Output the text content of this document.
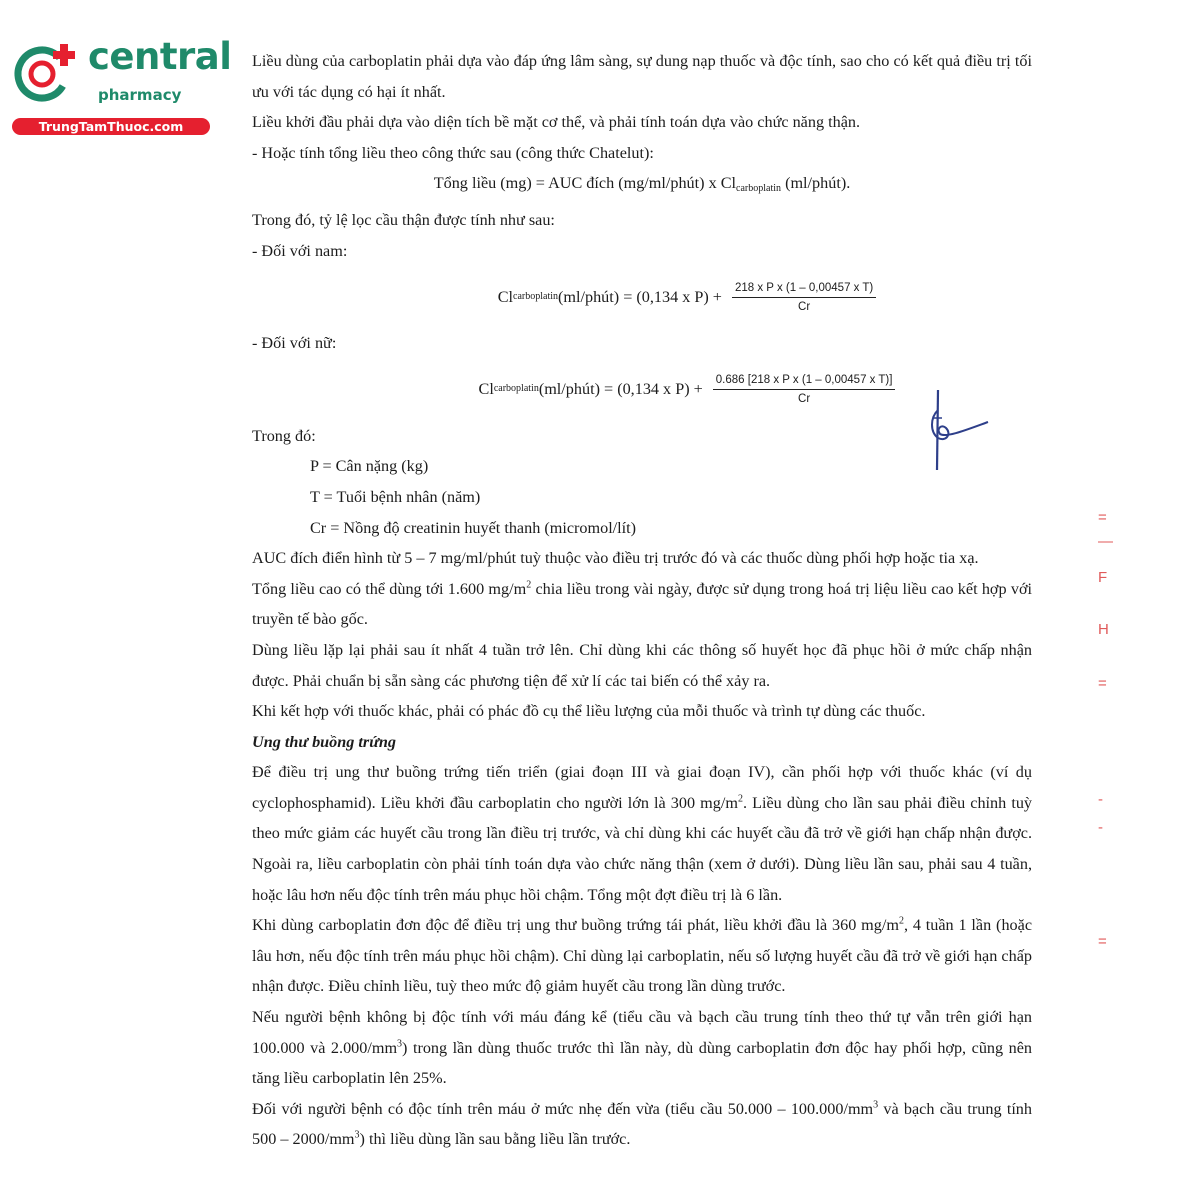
central
pharmacy
TrungTamThuoc.com

Liều dùng của carboplatin phải dựa vào đáp ứng lâm sàng, sự dung nạp thuốc và độc tính, sao cho có kết quả điều trị tối ưu với tác dụng có hại ít nhất.

Liều khởi đầu phải dựa vào diện tích bề mặt cơ thể, và phải tính toán dựa vào chức năng thận.

- Hoặc tính tổng liều theo công thức sau (công thức Chatelut):

Tổng liều (mg) = AUC đích (mg/ml/phút) x $Cl_{carboplatin}$ (ml/phút).

Trong đó, tỷ lệ lọc cầu thận được tính như sau:

- Đối với nam:

Cl carboplatin (ml/phút) = (0,134 x $P) + \frac{\text{218 x P x (1 – 0,00457 x T)}}{Cr}$

- Đối với nữ:

Cl carboplatin (ml/phút) = (0,134 x $P) + \frac{\text{0.686 [218 x P x (1 – 0,00457 x T)]}}{Cr}$

Trong đó:

P = Cân nặng (kg)

T = Tuổi bệnh nhân (năm)

Cr = Nồng độ creatinin huyết thanh (micromol/lít)

AUC đích điển hình từ 5 – 7 mg/ml/phút tuỳ thuộc vào điều trị trước đó và các thuốc dùng phối hợp hoặc tia xạ.

Tổng liều cao có thể dùng tới 1.600 $mg/m^2$ chia liều trong vài ngày, được sử dụng trong hoá trị liệu liều cao kết hợp với truyền tế bào gốc.

Dùng liều lặp lại phải sau ít nhất 4 tuần trở lên. Chỉ dùng khi các thông số huyết học đã phục hồi ở mức chấp nhận được. Phải chuẩn bị sẵn sàng các phương tiện để xử lí các tai biến có thể xảy ra.

Khi kết hợp với thuốc khác, phải có phác đồ cụ thể liều lượng của mỗi thuốc và trình tự dùng các thuốc.

Ung thư buồng trứng

Để điều trị ung thư buồng trứng tiến triển (giai đoạn III và giai đoạn IV), cần phối hợp với thuốc khác (ví dụ cyclophosphamid). Liều khởi đầu carboplatin cho người lớn là 300 $mg/m^2$. Liều dùng cho lần sau phải điều chỉnh tuỳ theo mức giảm các huyết cầu trong lần điều trị trước, và chỉ dùng khi các huyết cầu đã trở về giới hạn chấp nhận được. Ngoài ra, liều carboplatin còn phải tính toán dựa vào chức năng thận (xem ở dưới). Dùng liều lần sau, phải sau 4 tuần, hoặc lâu hơn nếu độc tính trên máu phục hồi chậm. Tổng một đợt điều trị là 6 lần.

Khi dùng carboplatin đơn độc để điều trị ung thư buồng trứng tái phát, liều khởi đầu là 360 $mg/m^2$, 4 tuần 1 lần (hoặc lâu hơn, nếu độc tính trên máu phục hồi chậm). Chỉ dùng lại carboplatin, nếu số lượng huyết cầu đã trở về giới hạn chấp nhận được. Điều chỉnh liều, tuỳ theo mức độ giảm huyết cầu trong lần dùng trước.

Nếu người bệnh không bị độc tính với máu đáng kể (tiểu cầu và bạch cầu trung tính theo thứ tự vẫn trên giới hạn 100.000 và $2.000/mm^3$) trong lần dùng thuốc trước thì lần này, dù dùng carboplatin đơn độc hay phối hợp, cũng nên tăng liều carboplatin lên 25%.

Đối với người bệnh có độc tính trên máu ở mức nhẹ đến vừa (tiểu cầu $50.000 - 100.000/mm^3$ và bạch cầu trung tính $500 - 2000/mm^3$) thì liều dùng lần sau bằng liều lần trước.

=
—
F
H
=
-
-
=
